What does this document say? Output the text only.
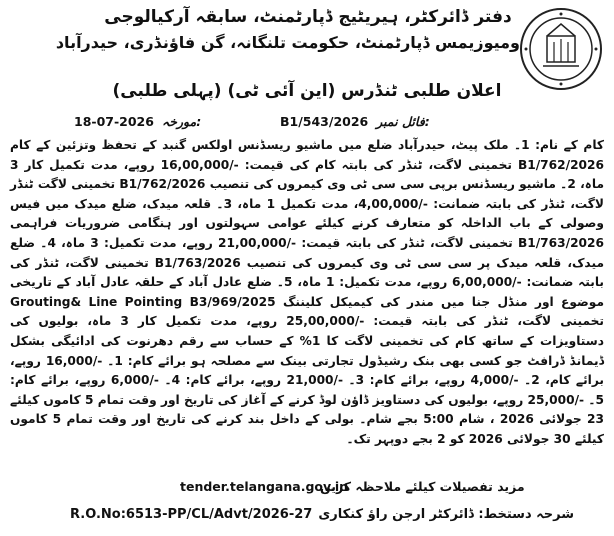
دفتر ڈائرکٹر، ہیریٹیج ڈپارٹمنٹ، سابقہ آرکیالوجی
ومیوزیمس ڈپارٹمنٹ، حکومت تلنگانہ، گن فاؤنڈری، حیدرآباد
اعلان طلبی ٹنڈرس (این آئی ٹی) (پہلی طلبی)
18-07-2026 مورخہ:	B1/543/2026 فائل نمبر:

کام کے نام: 1۔ ملک پیٹ، حیدرآباد ضلع میں ماشیو ریسڈنس اولکس گنبد کے تحفظ وتزئین کے کام B1/762/2026 تخمینی لاگت، ٹنڈر کی بابتہ کام کی قیمت: -/16,00,000 روپے، مدت تکمیل کار 3 ماہ، 2۔ ماشیو ریسڈنس برپی سی سی ٹی وی کیمروں کی تنصیب B1/762/2026 تخمینی لاگت ٹنڈر لاگت، ٹنڈر کی بابتہ ضمانت: -/4,00,000، مدت تکمیل 1 ماہ، 3۔ قلعہ میدک، ضلع میدک میں فیس وصولی کے باب الداخلہ کو متعارف کرنے کیلئے عوامی سہولتوں اور ہنگامی ضروریات فراہمی B1/763/2026 تخمینی لاگت، ٹنڈر کی بابتہ قیمت: -/21,00,000 روپے، مدت تکمیل: 3 ماہ، 4۔ ضلع میدک، قلعہ میدک پر سی سی ٹی وی کیمروں کی تنصیب B1/763/2026 تخمینی لاگت، ٹنڈر کی بابتہ ضمانت: -/6,00,000 روپے، مدت تکمیل: 1 ماہ، 5۔ ضلع عادل آباد کے حلقہ عادل آباد کے تاریخی موضوع اور منڈل جنا میں مندر کی کیمیکل کلیننگ Grouting& Line Pointing B3/969/2025 تخمینی لاگت، ٹنڈر کی بابتہ قیمت: -/25,00,000 روپے، مدت تکمیل کار 3 ماہ، بولیوں کی دستاویزات کے ساتھ کام کی تخمینی لاگت کا 1% کے حساب سے رقم دھرنوت کی ادائیگی بشکل ڈیمانڈ ڈرافٹ جو کسی بھی بنک رشیڈول تجارتی بینک سے مصلحہ ہو برائے کام: 1۔ -/16,000 روپے، برائے کام، 2۔ -/4,000 روپے، برائے کام: 3۔ -/21,000 روپے، برائے کام: 4۔ -/6,000 روپے، برائے کام: 5۔ -/25,000 روپے، بولیوں کی دستاویز ڈاؤن لوڈ کرنے کے آغاز کی تاریخ اور وقت تمام 5 کاموں کیلئے 23 جولائی 2026 ، شام 5:00 بجے شام۔ بولی کے داخل بند کرنے کی تاریخ اور وقت تمام 5 کاموں کیلئے 30 جولائی 2026 کو 2 بجے دوپہر تک۔

tender.telangana.gov.in
مزید تفصیلات کیلئے ملاحظہ کریں
R.O.No:6513-PP/CL/Advt/2026-27 شرحہ دستخط: ڈائرکٹر ارجن راؤ کنکاری
